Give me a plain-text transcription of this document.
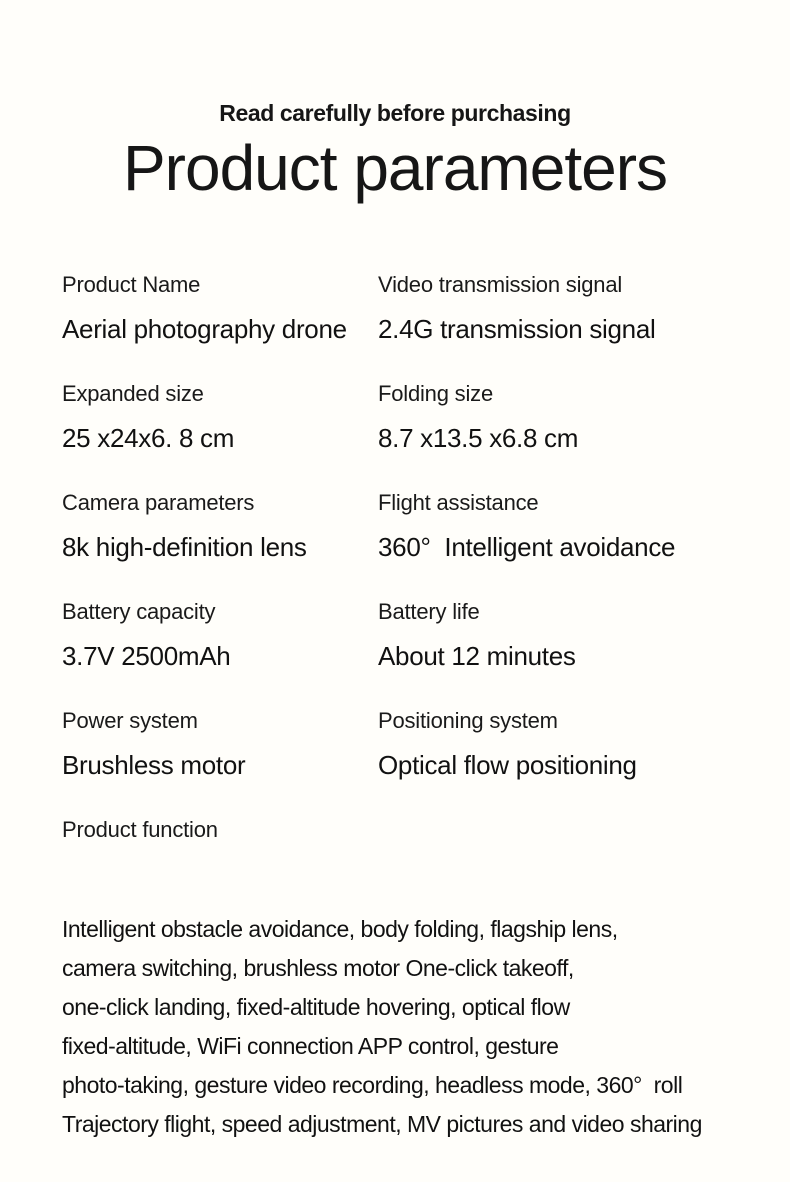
Read carefully before purchasing
Product parameters
Product Name
Aerial photography drone
Video transmission signal
2.4G transmission signal
Expanded size
25 x24x6. 8 cm
Folding size
8.7 x13.5 x6.8 cm
Camera parameters
8k high-definition lens
Flight assistance
360°  Intelligent avoidance
Battery capacity
3.7V 2500mAh
Battery life
About 12 minutes
Power system
Brushless motor
Positioning system
Optical flow positioning
Product function
Intelligent obstacle avoidance, body folding, flagship lens,
camera switching, brushless motor One-click takeoff,
one-click landing, fixed-altitude hovering, optical flow
fixed-altitude, WiFi connection APP control, gesture
photo-taking, gesture video recording, headless mode, 360°  roll
Trajectory flight, speed adjustment, MV pictures and video sharing
